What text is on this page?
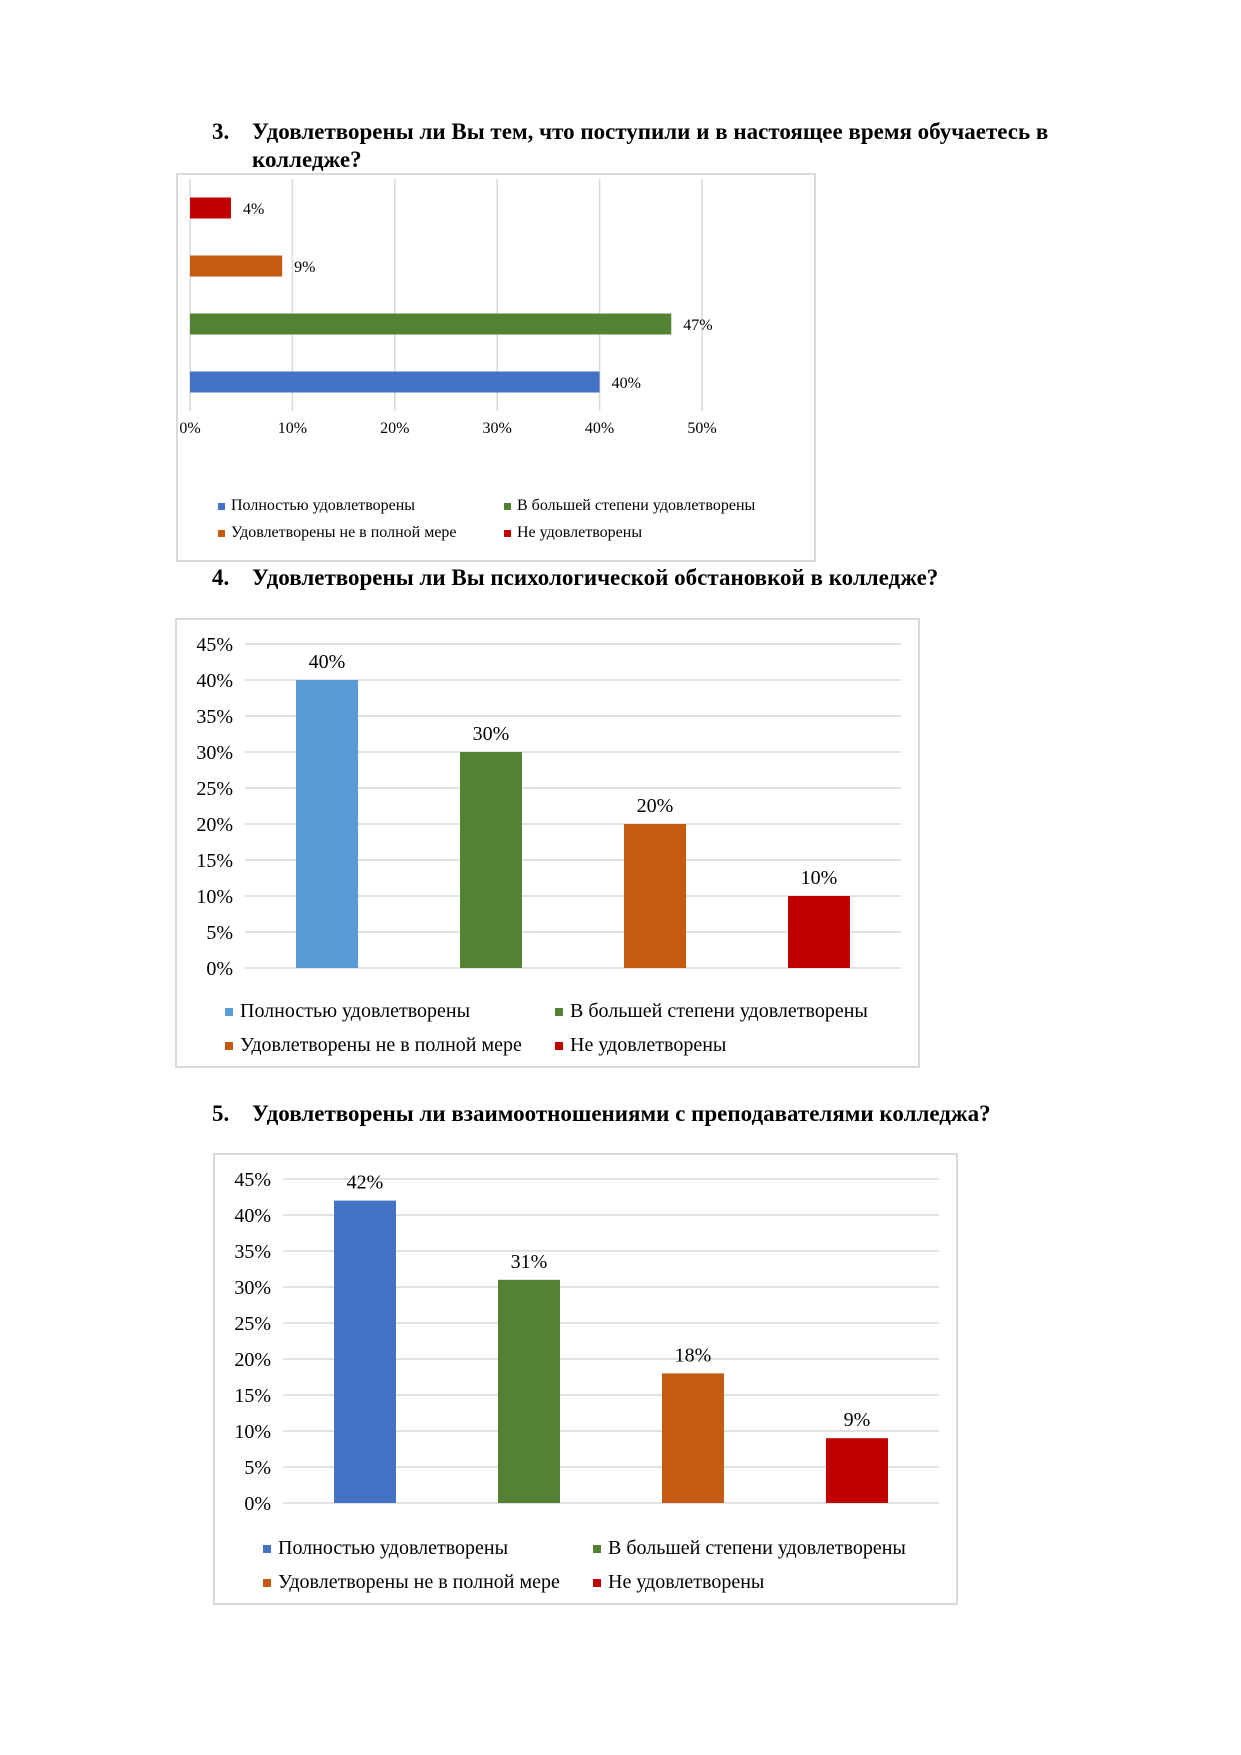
3. Удовлетворены ли Вы тем, что поступили и в настоящее время обучаетесь в колледже?
0%	10%	20%	30%	40%	50%
40%
47%
9%
4%
Полностью удовлетворены	В большей степени удовлетворены
Удовлетворены не в полной мере	Не удовлетворены
4. Удовлетворены ли Вы психологической обстановкой в колледже?
0%
5%
10%
15%
20%
25%
30%
35%
40%
45%
40%
30%
20%
10%
Полностью удовлетворены	В большей степени удовлетворены
Удовлетворены не в полной мере Не удовлетворены
5. Удовлетворены ли взаимоотношениями с преподавателями колледжа?
0%
5%
10%
15%
20%
25%
30%
35%
40%
45%	42%
31%
18%
9%
Полностью удовлетворены	В большей степени удовлетворены
Удовлетворены не в полной мере Не удовлетворены
